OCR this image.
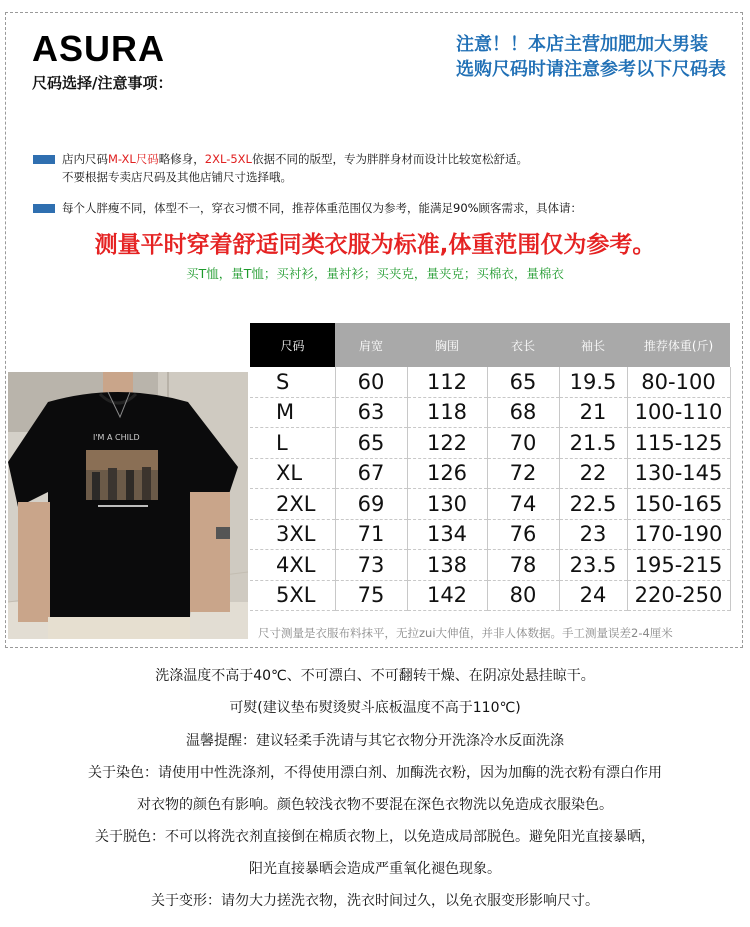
ASURA
尺码选择/注意事项：
注意！！本店主营加肥加大男装
选购尺码时请注意参考以下尺码表
店内尺码M-XL尺码略修身，2XL-5XL依据不同的版型，专为胖胖身材而设计比较宽松舒适。
不要根据专卖店尺码及其他店铺尺寸选择哦。
每个人胖瘦不同，体型不一，穿衣习惯不同，推荐体重范围仅为参考，能满足90%顾客需求，具体请：
测量平时穿着舒适同类衣服为标准,体重范围仅为参考。
买T恤，量T恤；买衬衫，量衬衫；买夹克，量夹克；买棉衣，量棉衣
I'M A CHILD
尺码	肩宽	胸围	衣长	袖长	推荐体重(斤)
S	60	112	65	19.5	80-100
M	63	118	68	21	100-110
L	65	122	70	21.5	115-125
XL	67	126	72	22	130-145
2XL	69	130	74	22.5	150-165
3XL	71	134	76	23	170-190
4XL	73	138	78	23.5	195-215
5XL	75	142	80	24	220-250
尺寸测量是衣服布料抹平，无拉zui大伸值，并非人体数据。手工测量误差2-4厘米
洗涤温度不高于40℃、不可漂白、不可翻转干燥、在阴凉处悬挂晾干。
可熨(建议垫布熨烫熨斗底板温度不高于110℃)
温馨提醒：建议轻柔手洗请与其它衣物分开洗涤冷水反面洗涤
关于染色：请使用中性洗涤剂，不得使用漂白剂、加酶洗衣粉，因为加酶的洗衣粉有漂白作用
对衣物的颜色有影响。颜色较浅衣物不要混在深色衣物洗以免造成衣服染色。
关于脱色：不可以将洗衣剂直接倒在棉质衣物上，以免造成局部脱色。避免阳光直接暴晒，
阳光直接暴晒会造成严重氧化褪色现象。
关于变形：请勿大力搓洗衣物，洗衣时间过久，以免衣服变形影响尺寸。
